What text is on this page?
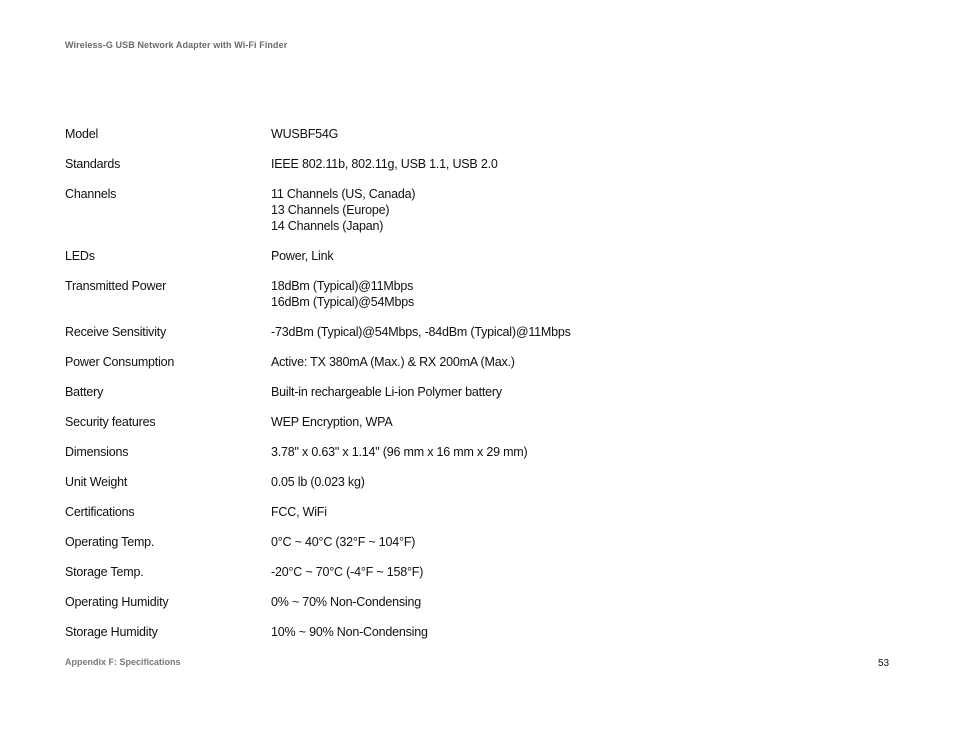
Wireless-G USB Network Adapter with Wi-Fi Finder
Model	WUSBF54G
Standards	IEEE 802.11b, 802.11g, USB 1.1, USB 2.0
Channels	11 Channels (US, Canada)
13 Channels (Europe)
14 Channels (Japan)
LEDs	Power, Link
Transmitted Power	18dBm (Typical)@11Mbps
16dBm (Typical)@54Mbps
Receive Sensitivity	-73dBm (Typical)@54Mbps, -84dBm (Typical)@11Mbps
Power Consumption	Active: TX 380mA (Max.) & RX 200mA (Max.)
Battery	Built-in rechargeable Li-ion Polymer battery
Security features	WEP Encryption, WPA
Dimensions	3.78" x 0.63" x 1.14" (96 mm x 16 mm x 29 mm)
Unit Weight	0.05 lb (0.023 kg)
Certifications	FCC, WiFi
Operating Temp.	0°C ~ 40°C (32°F ~ 104°F)
Storage Temp.	-20°C ~ 70°C (-4°F ~ 158°F)
Operating Humidity	0% ~ 70% Non-Condensing
Storage Humidity	10% ~ 90% Non-Condensing
Appendix F: Specifications	53
